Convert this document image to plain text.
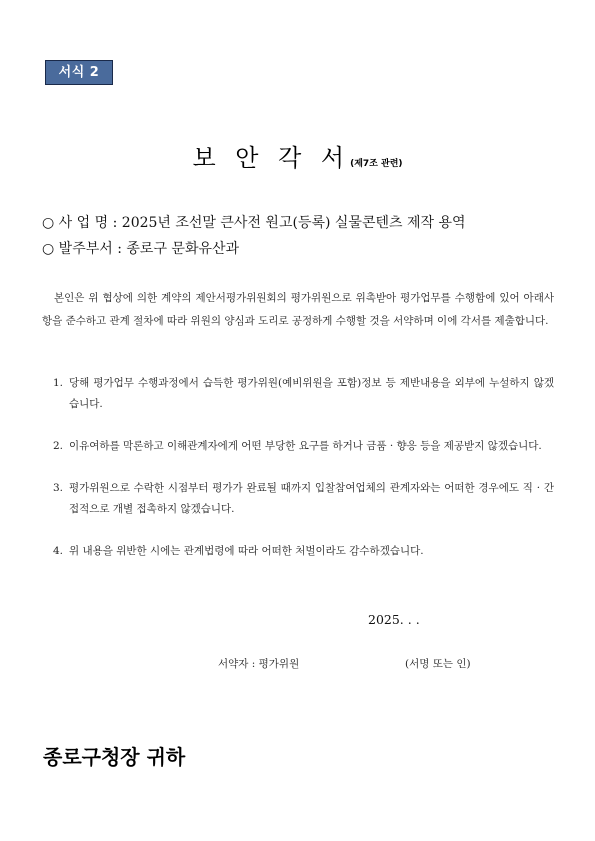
서식 2
보 안 각 서(제7조 관련)
○ 사 업 명 : 2025년 조선말 큰사전 원고(등록) 실물콘텐츠 제작 용역
○ 발주부서 : 종로구 문화유산과
본인은 위 협상에 의한 계약의 제안서평가위원회의 평가위원으로 위촉받아 평가업무를 수행함에 있어 아래사항을 준수하고 관계 절차에 따라 위원의 양심과 도리로 공정하게 수행할 것을 서약하며 이에 각서를 제출합니다.
1. 당해 평가업무 수행과정에서 습득한 평가위원(예비위원을 포함)정보 등 제반내용을 외부에 누설하지 않겠습니다.
2. 이유여하를 막론하고 이해관계자에게 어떤 부당한 요구를 하거나 금품 · 향응 등을 제공받지 않겠습니다.
3. 평가위원으로 수락한 시점부터 평가가 완료될 때까지 입찰참여업체의 관계자와는 어떠한 경우에도 직 · 간접적으로 개별 접촉하지 않겠습니다.
4. 위 내용을 위반한 시에는 관계법령에 따라 어떠한 처벌이라도 감수하겠습니다.
2025. . .
서약자 : 평가위원	(서명 또는 인)
종로구청장 귀하
